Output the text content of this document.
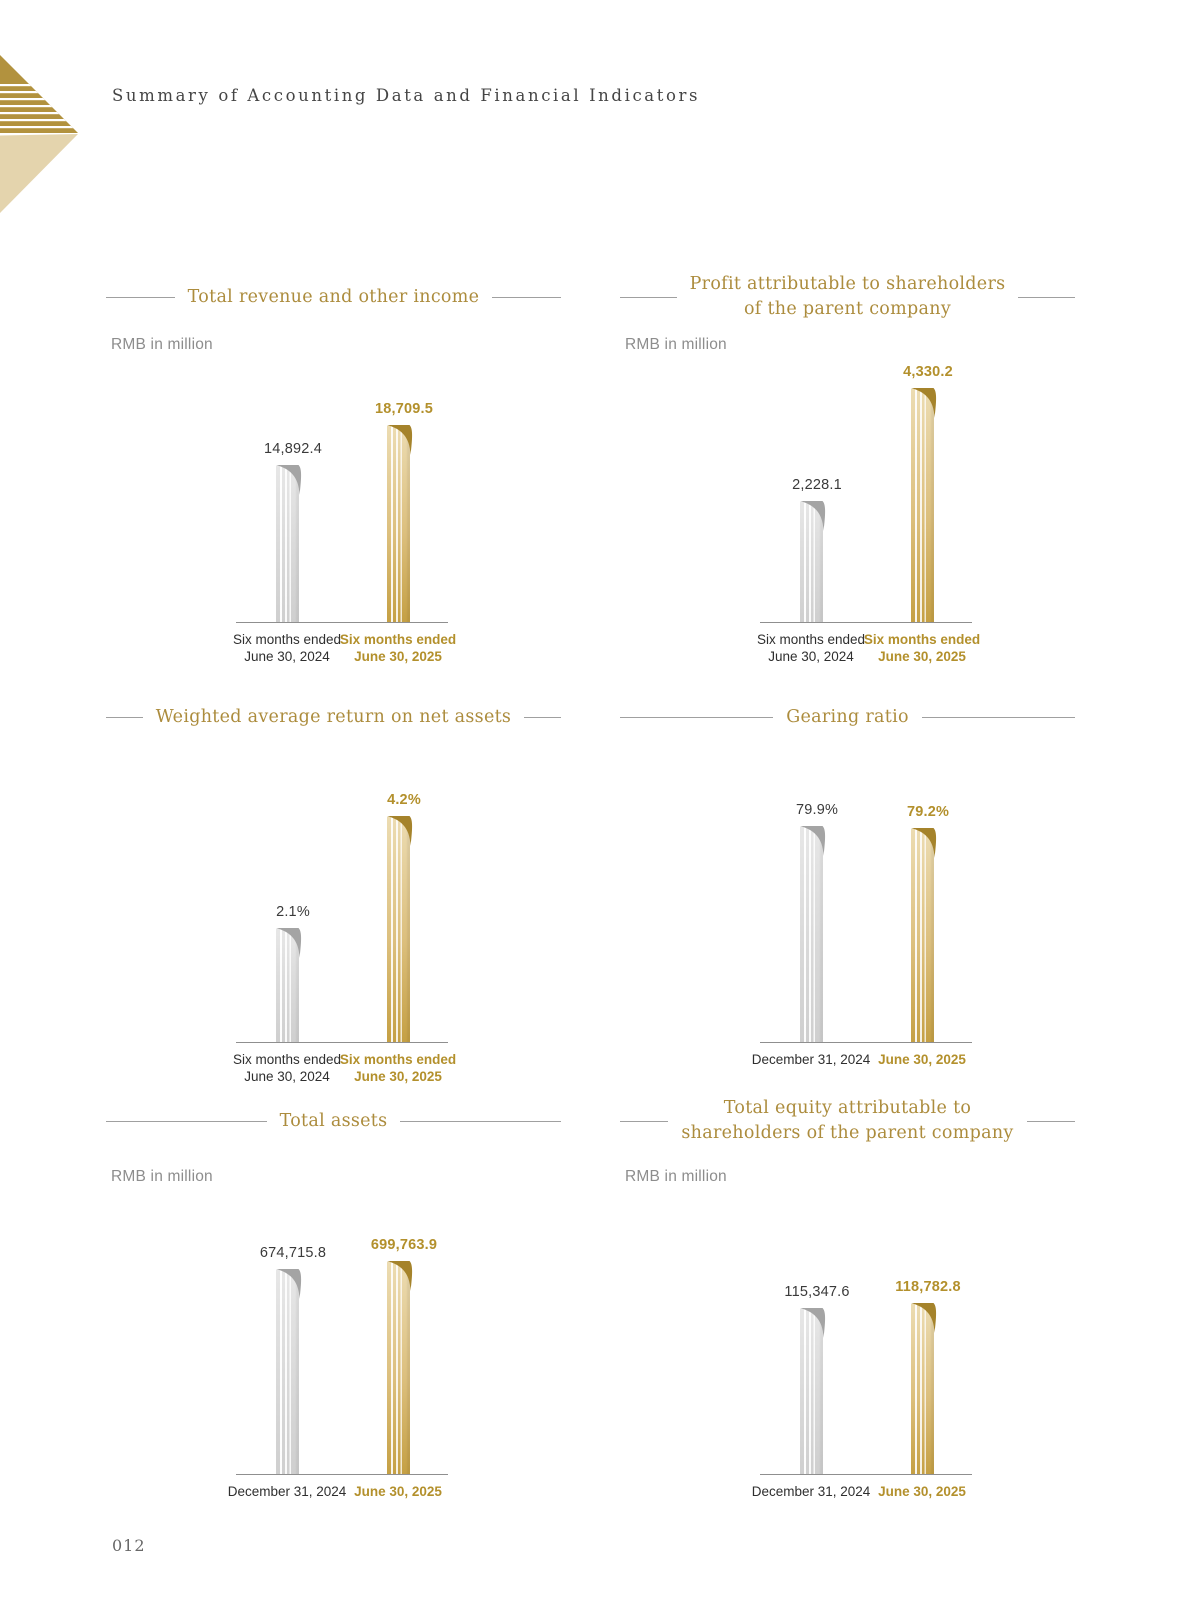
Summary of Accounting Data and Financial Indicators
Total revenue and other income
RMB in million
14,892.4
18,709.5
Six months ended
June 30, 2024
Six months ended
June 30, 2025
Profit attributable to shareholders
of the parent company
RMB in million
2,228.1
4,330.2
Six months ended
June 30, 2024
Six months ended
June 30, 2025
Weighted average return on net assets
2.1%
4.2%
Six months ended
June 30, 2024
Six months ended
June 30, 2025
Gearing ratio
79.9%	79.2%
December 31, 2024 June 30, 2025
Total assets
RMB in million
674,715.8	699,763.9
December 31, 2024 June 30, 2025
Total equity attributable to
shareholders of the parent company
RMB in million
115,347.6	118,782.8
December 31, 2024 June 30, 2025
012
